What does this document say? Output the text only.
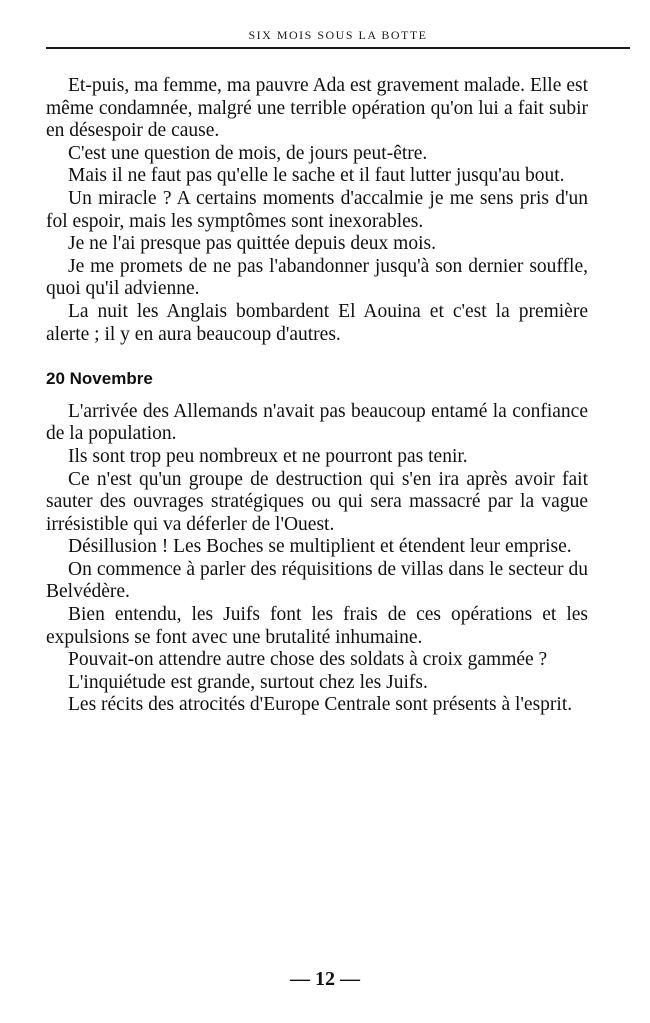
SIX MOIS SOUS LA BOTTE

Et-puis, ma femme, ma pauvre Ada est gravement malade. Elle est même condamnée, malgré une terrible opération qu'on lui a fait subir en désespoir de cause.

C'est une question de mois, de jours peut-être.

Mais il ne faut pas qu'elle le sache et il faut lutter jusqu'au bout.

Un miracle ? A certains moments d'accalmie je me sens pris d'un fol espoir, mais les symptômes sont inexorables.

Je ne l'ai presque pas quittée depuis deux mois.

Je me promets de ne pas l'abandonner jusqu'à son dernier souffle, quoi qu'il advienne.

La nuit les Anglais bombardent El Aouina et c'est la première alerte ; il y en aura beaucoup d'autres.

20 Novembre

L'arrivée des Allemands n'avait pas beaucoup entamé la confiance de la population.

Ils sont trop peu nombreux et ne pourront pas tenir.

Ce n'est qu'un groupe de destruction qui s'en ira après avoir fait sauter des ouvrages stratégiques ou qui sera massacré par la vague irrésistible qui va déferler de l'Ouest.

Désillusion ! Les Boches se multiplient et étendent leur emprise.

On commence à parler des réquisitions de villas dans le secteur du Belvédère.

Bien entendu, les Juifs font les frais de ces opérations et les expulsions se font avec une brutalité inhumaine.

Pouvait-on attendre autre chose des soldats à croix gammée ?

L'inquiétude est grande, surtout chez les Juifs.

Les récits des atrocités d'Europe Centrale sont présents à l'esprit.

— 12 —
